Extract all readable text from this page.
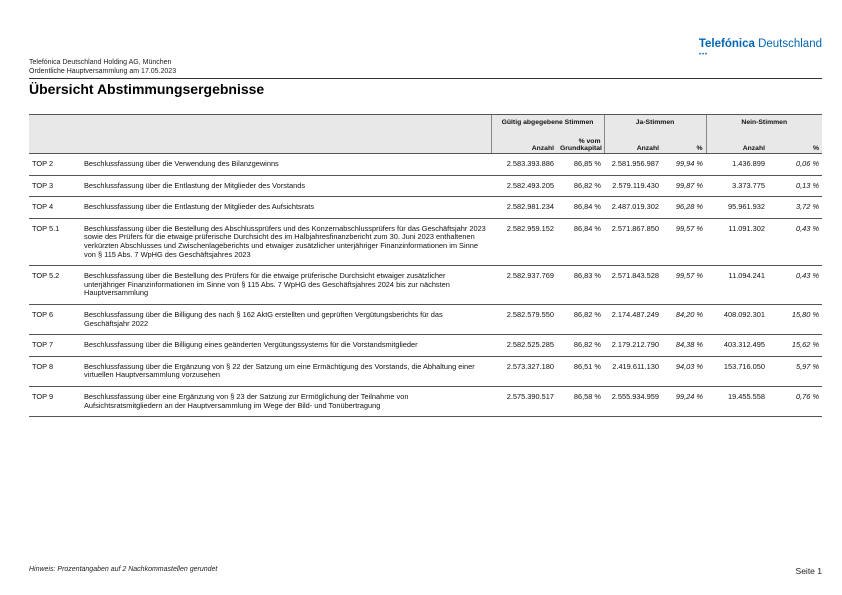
Telefónica Deutschland
•••
Telefónica Deutschland Holding AG, München
Ordentliche Hauptversammlung am 17.05.2023
Übersicht Abstimmungsergebnisse
		Gültig abgegebene Stimmen		Ja-Stimmen		Nein-Stimmen	
		Anzahl	% vom Grundkapital	Anzahl	%	Anzahl	%
TOP 2	Beschlussfassung über die Verwendung des Bilanzgewinns	2.583.393.886	86,85 %	2.581.956.987	99,94 %	1.436.899	0,06 %
TOP 3	Beschlussfassung über die Entlastung der Mitglieder des Vorstands	2.582.493.205	86,82 %	2.579.119.430	99,87 %	3.373.775	0,13 %
TOP 4	Beschlussfassung über die Entlastung der Mitglieder des Aufsichtsrats	2.582.981.234	86,84 %	2.487.019.302	96,28 %	95.961.932	3,72 %
TOP 5.1	Beschlussfassung über die Bestellung des Abschlussprüfers und des Konzernabschlussprüfers für das Geschäftsjahr 2023 sowie des Prüfers für die etwaige prüferische Durchsicht des im Halbjahresfinanzbericht zum 30. Juni 2023 enthaltenen verkürzten Abschlusses und Zwischenlageberichts und etwaiger zusätzlicher unterjähriger Finanzinformationen im Sinne von § 115 Abs. 7 WpHG des Geschäftsjahres 2023	2.582.959.152	86,84 %	2.571.867.850	99,57 %	11.091.302	0,43 %
TOP 5.2	Beschlussfassung über die Bestellung des Prüfers für die etwaige prüferische Durchsicht etwaiger zusätzlicher unterjähriger Finanzinformationen im Sinne von § 115 Abs. 7 WpHG des Geschäftsjahres 2024 bis zur nächsten Hauptversammlung	2.582.937.769	86,83 %	2.571.843.528	99,57 %	11.094.241	0,43 %
TOP 6	Beschlussfassung über die Billigung des nach § 162 AktG erstellten und geprüften Vergütungsberichts für das Geschäftsjahr 2022	2.582.579.550	86,82 %	2.174.487.249	84,20 %	408.092.301	15,80 %
TOP 7	Beschlussfassung über die Billigung eines geänderten Vergütungssystems für die Vorstandsmitglieder	2.582.525.285	86,82 %	2.179.212.790	84,38 %	403.312.495	15,62 %
TOP 8	Beschlussfassung über die Ergänzung von § 22 der Satzung um eine Ermächtigung des Vorstands, die Abhaltung einer virtuellen Hauptversammlung vorzusehen	2.573.327.180	86,51 %	2.419.611.130	94,03 %	153.716.050	5,97 %
TOP 9	Beschlussfassung über eine Ergänzung von § 23 der Satzung zur Ermöglichung der Teilnahme von Aufsichtsratsmitgliedern an der Hauptversammlung im Wege der Bild- und Tonübertragung	2.575.390.517	86,58 %	2.555.934.959	99,24 %	19.455.558	0,76 %
Hinweis: Prozentangaben auf 2 Nachkommastellen gerundet	Seite 1
